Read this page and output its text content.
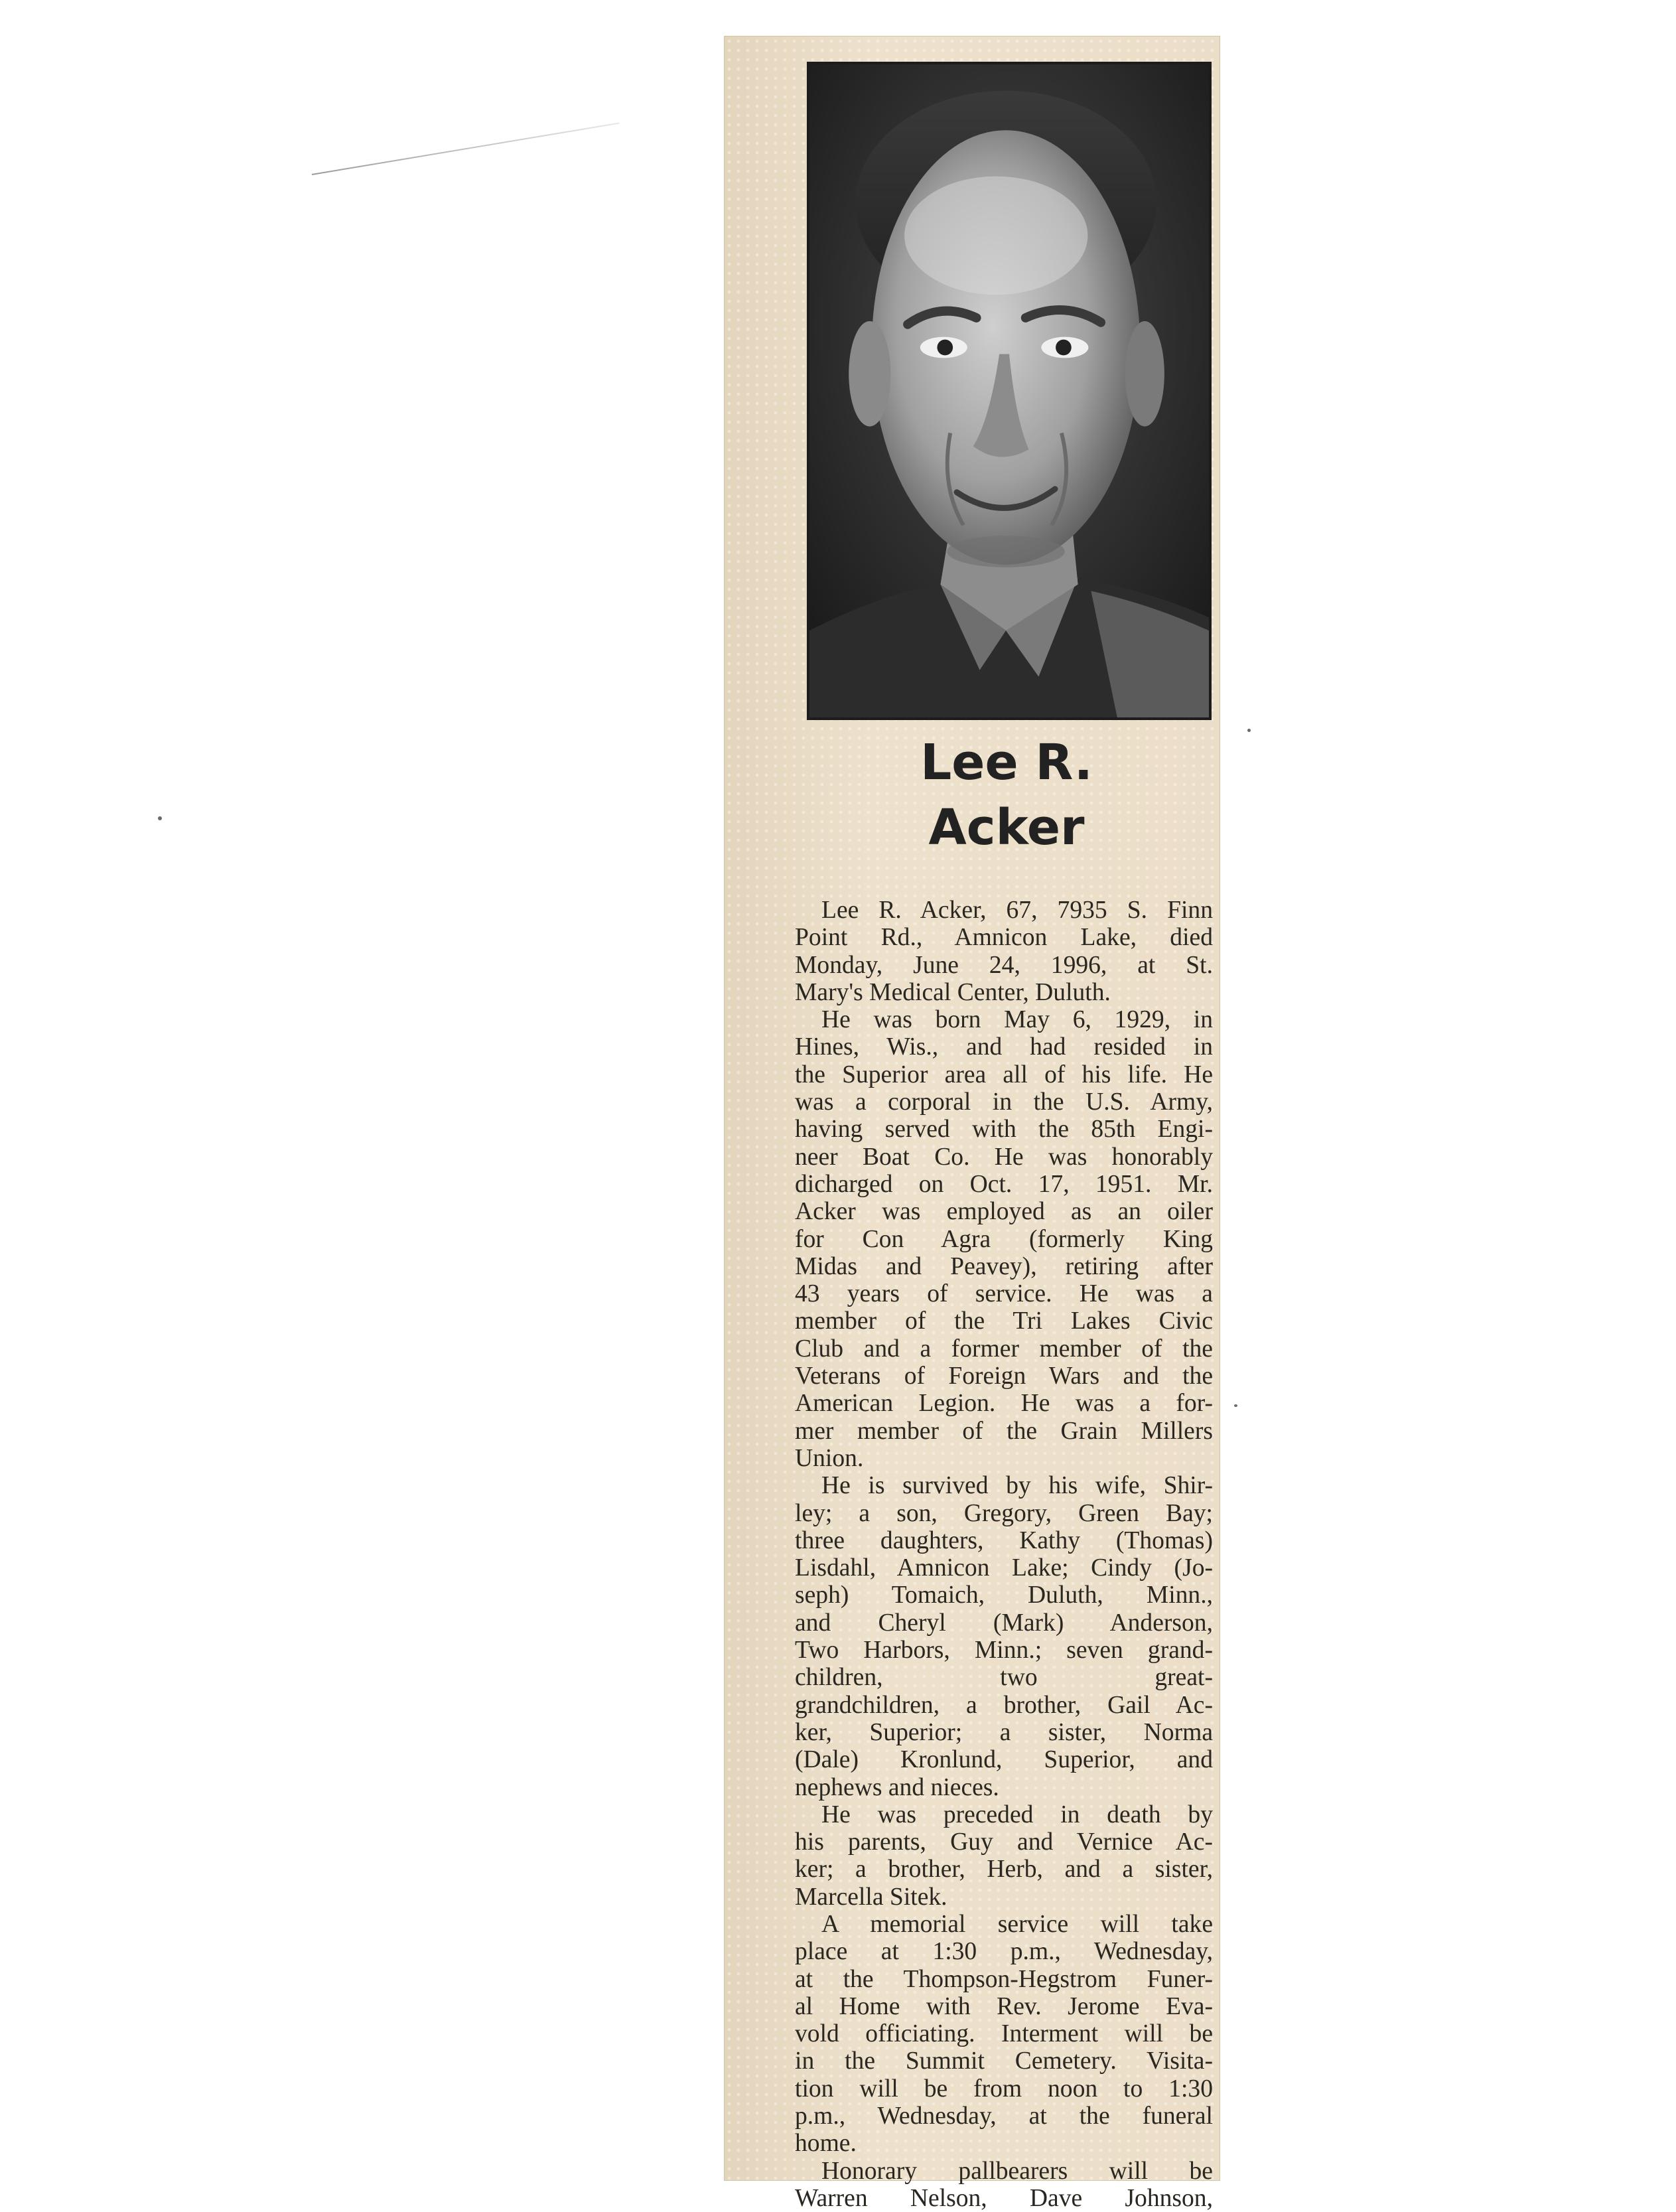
Lee R.
Acker

Lee R. Acker, 67, 7935 S. Finn
Point Rd., Amnicon Lake, died
Monday, June 24, 1996, at St.
Mary's Medical Center, Duluth.

He was born May 6, 1929, in
Hines, Wis., and had resided in
the Superior area all of his life. He
was a corporal in the U.S. Army,
having served with the 85th Engi-
neer Boat Co. He was honorably
dicharged on Oct. 17, 1951. Mr.
Acker was employed as an oiler
for Con Agra (formerly King
Midas and Peavey), retiring after
43 years of service. He was a
member of the Tri Lakes Civic
Club and a former member of the
Veterans of Foreign Wars and the
American Legion. He was a for-
mer member of the Grain Millers
Union.

He is survived by his wife, Shir-
ley; a son, Gregory, Green Bay;
three daughters, Kathy (Thomas)
Lisdahl, Amnicon Lake; Cindy (Jo-
seph) Tomaich, Duluth, Minn.,
and Cheryl (Mark) Anderson,
Two Harbors, Minn.; seven grand-
children, two great-
grandchildren, a brother, Gail Ac-
ker, Superior; a sister, Norma
(Dale) Kronlund, Superior, and
nephews and nieces.

He was preceded in death by
his parents, Guy and Vernice Ac-
ker; a brother, Herb, and a sister,
Marcella Sitek.

A memorial service will take
place at 1:30 p.m., Wednesday,
at the Thompson-Hegstrom Funer-
al Home with Rev. Jerome Eva-
vold officiating. Interment will be
in the Summit Cemetery. Visita-
tion will be from noon to 1:30
p.m., Wednesday, at the funeral
home.

Honorary pallbearers will be
Warren Nelson, Dave Johnson,
